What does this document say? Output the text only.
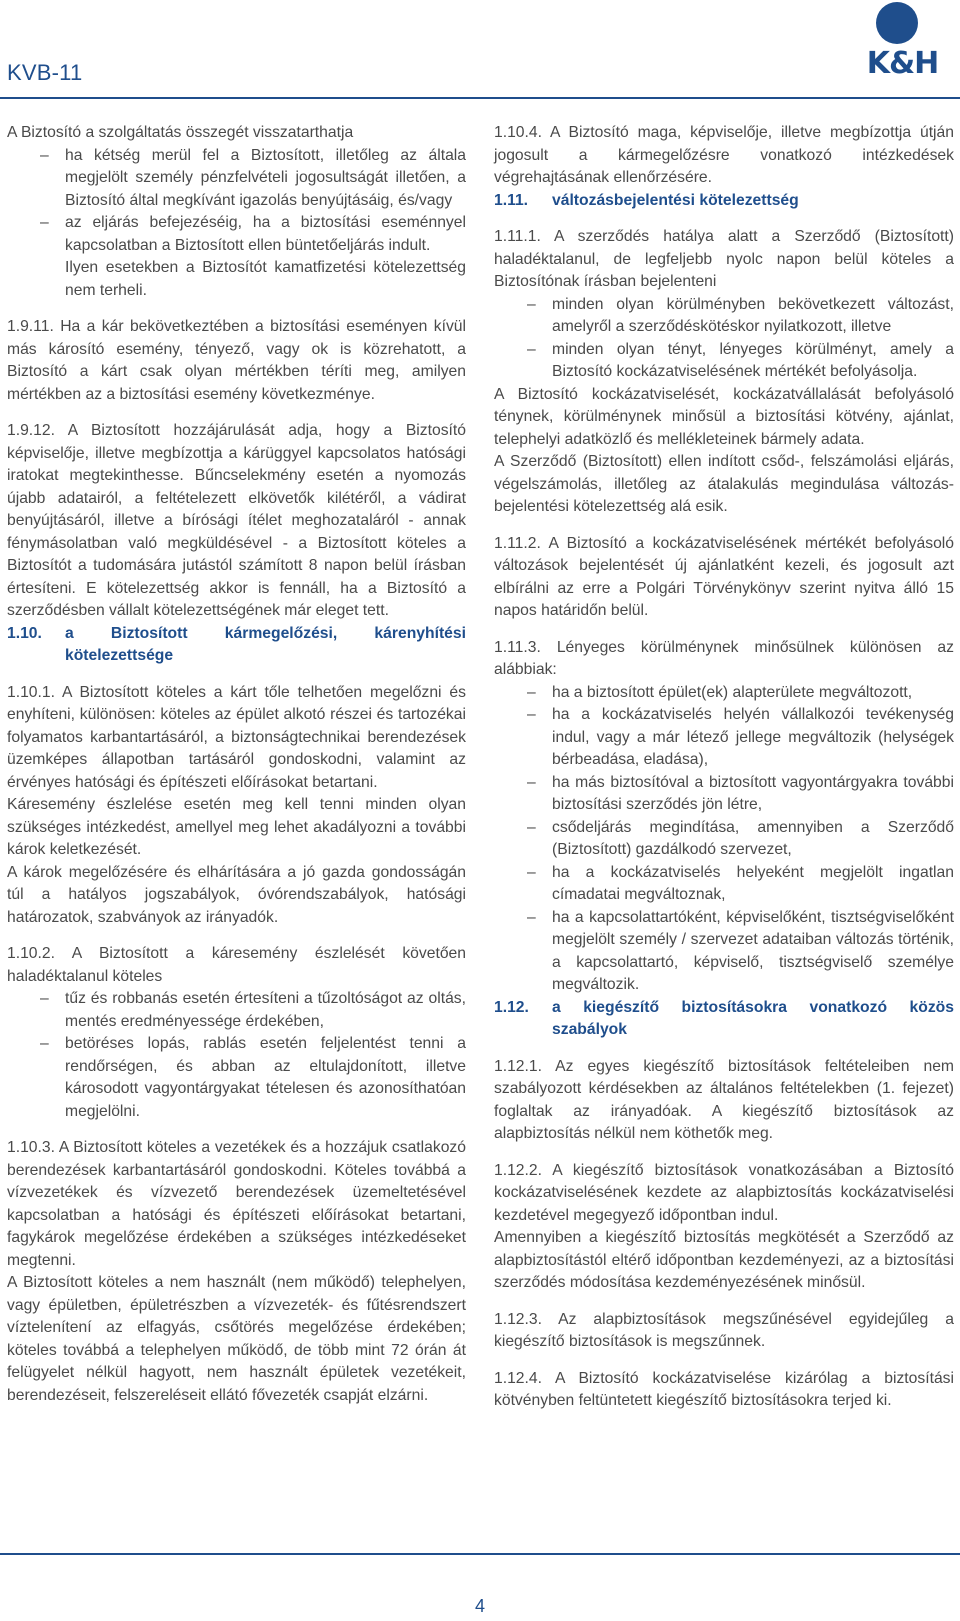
KVB-11	K&H

A Biztosító a szolgáltatás összegét visszatarthatja

– ha kétség merül fel a Biztosított, illetőleg az általa megjelölt személy pénzfelvételi jogosultságát illetően, a Biztosító által megkívánt igazolás benyújtásáig, és/vagy

– az eljárás befejezéséig, ha a biztosítási eseménnyel kapcsolatban a Biztosított ellen büntetőeljárás indult.

Ilyen esetekben a Biztosítót kamatfizetési kötelezettség nem terheli.

1.9.11. Ha a kár bekövetkeztében a biztosítási eseményen kívül más károsító esemény, tényező, vagy ok is közrehatott, a Biztosító a kárt csak olyan mértékben téríti meg, amilyen mértékben az a biztosítási esemény következménye.

1.9.12. A Biztosított hozzájárulását adja, hogy a Biztosító képviselője, illetve megbízottja a kárüggyel kapcsolatos hatósági iratokat megtekinthesse. Bűncselekmény esetén a nyomozás újabb adatairól, a feltételezett elkövetők kilétéről, a vádirat benyújtásáról, illetve a bírósági ítélet meghozataláról - annak fénymásolatban való megküldésével - a Biztosított köteles a Biztosítót a tudomására jutástól számított 8 napon belül írásban értesíteni. E kötelezettség akkor is fennáll, ha a Biztosító a szerződésben vállalt kötelezettségének már eleget tett.

1.10.	a Biztosított kármegelőzési, kárenyhítési kötelezettsége

1.10.1. A Biztosított köteles a kárt tőle telhetően megelőzni és enyhíteni, különösen: köteles az épület alkotó részei és tartozékai folyamatos karbantartásáról, a biztonságtechnikai berendezések üzemképes állapotban tartásáról gondoskodni, valamint az érvényes hatósági és építészeti előírásokat betartani.

Káresemény észlelése esetén meg kell tenni minden olyan szükséges intézkedést, amellyel meg lehet akadályozni a további károk keletkezését.

A károk megelőzésére és elhárítására a jó gazda gondosságán túl a hatályos jogszabályok, óvórendszabályok, hatósági határozatok, szabványok az irányadók.

1.10.2. A Biztosított a káresemény észlelését követően haladéktalanul köteles

– tűz és robbanás esetén értesíteni a tűzoltóságot az oltás, mentés eredményessége érdekében,

– betöréses lopás, rablás esetén feljelentést tenni a rendőrségen, és abban az eltulajdonított, illetve károsodott vagyontárgyakat tételesen és azonosíthatóan megjelölni.

1.10.3. A Biztosított köteles a vezetékek és a hozzájuk csatlakozó berendezések karbantartásáról gondoskodni. Köteles továbbá a vízvezetékek és vízvezető berendezések üzemeltetésével kapcsolatban a hatósági és építészeti előírásokat betartani, fagykárok megelőzése érdekében a szükséges intézkedéseket megtenni.

A Biztosított köteles a nem használt (nem működő) telephelyen, vagy épületben, épületrészben a vízvezeték- és fűtésrendszert víztelenítení az elfagyás, csőtörés megelőzése érdekében; köteles továbbá a telephelyen működő, de több mint 72 órán át felügyelet nélkül hagyott, nem használt épületek vezetékeit, berendezéseit, felszereléseit ellátó fővezeték csapját elzárni.

1.10.4. A Biztosító maga, képviselője, illetve megbízottja útján jogosult a kármegelőzésre vonatkozó intézkedések végrehajtásának ellenőrzésére.

1.11.	változásbejelentési kötelezettség

1.11.1. A szerződés hatálya alatt a Szerződő (Biztosított) haladéktalanul, de legfeljebb nyolc napon belül köteles a Biztosítónak írásban bejelenteni

– minden olyan körülményben bekövetkezett változást, amelyről a szerződéskötéskor nyilatkozott, illetve

– minden olyan tényt, lényeges körülményt, amely a Biztosító kockázatviselésének mértékét befolyásolja.

A Biztosító kockázatviselését, kockázatvállalását befolyásoló ténynek, körülménynek minősül a biztosítási kötvény, ajánlat, telephelyi adatközlő és mellékleteinek bármely adata.

A Szerződő (Biztosított) ellen indított csőd-, felszámolási eljárás, végelszámolás, illetőleg az átalakulás megindulása változás-bejelentési kötelezettség alá esik.

1.11.2. A Biztosító a kockázatviselésének mértékét befolyásoló változások bejelentését új ajánlatként kezeli, és jogosult azt elbírálni az erre a Polgári Törvénykönyv szerint nyitva álló 15 napos határidőn belül.

1.11.3. Lényeges körülménynek minősülnek különösen az alábbiak:

– ha a biztosított épület(ek) alapterülete megváltozott,

– ha a kockázatviselés helyén vállalkozói tevékenység indul, vagy a már létező jellege megváltozik (helységek bérbeadása, eladása),

– ha más biztosítóval a biztosított vagyontárgyakra további biztosítási szerződés jön létre,

– csődeljárás megindítása, amennyiben a Szerződő (Biztosított) gazdálkodó szervezet,

– ha a kockázatviselés helyeként megjelölt ingatlan címadatai megváltoznak,

– ha a kapcsolattartóként, képviselőként, tisztségviselőként megjelölt személy / szervezet adataiban változás történik, a kapcsolattartó, képviselő, tisztségviselő személye megváltozik.

1.12.	a kiegészítő biztosításokra vonatkozó közös szabályok

1.12.1. Az egyes kiegészítő biztosítások feltételeiben nem szabályozott kérdésekben az általános feltételekben (1. fejezet) foglaltak az irányadóak. A kiegészítő biztosítások az alapbiztosítás nélkül nem köthetők meg.

1.12.2. A kiegészítő biztosítások vonatkozásában a Biztosító kockázatviselésének kezdete az alapbiztosítás kockázatviselési kezdetével megegyező időpontban indul.

Amennyiben a kiegészítő biztosítás megkötését a Szerződő az alapbiztosítástól eltérő időpontban kezdeményezi, az a biztosítási szerződés módosítása kezdeményezésének minősül.

1.12.3. Az alapbiztosítások megszűnésével egyidejűleg a kiegészítő biztosítások is megszűnnek.

1.12.4. A Biztosító kockázatviselése kizárólag a biztosítási kötvényben feltüntetett kiegészítő biztosításokra terjed ki.

4
